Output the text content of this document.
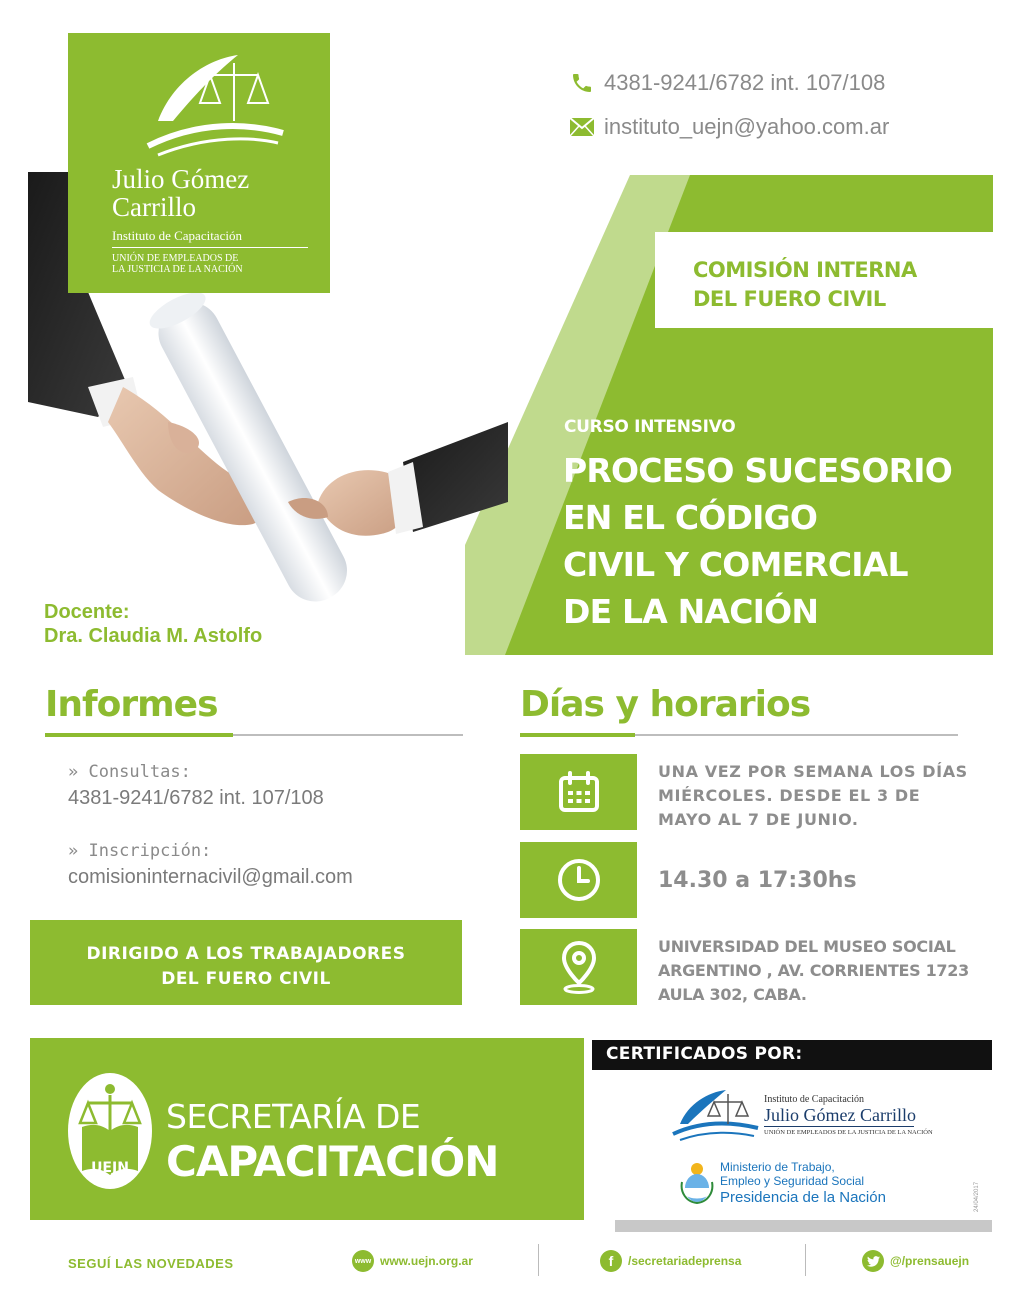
Julio Gómez
Carrillo
Instituto de Capacitación
UNIÓN DE EMPLEADOS DE
LA JUSTICIA DE LA NACIÓN
4381-9241/6782 int. 107/108
instituto_uejn@yahoo.com.ar
COMISIÓN INTERNA
DEL FUERO CIVIL
CURSO INTENSIVO
PROCESO SUCESORIO
EN EL CÓDIGO
CIVIL Y COMERCIAL
DE LA NACIÓN
Docente:
Dra. Claudia M. Astolfo
Informes
» Consultas:
4381-9241/6782 int. 107/108
» Inscripción:
comisioninternacivil@gmail.com
DIRIGIDO A LOS TRABAJADORES
DEL FUERO CIVIL
Días y horarios
UNA VEZ POR SEMANA LOS DÍAS
MIÉRCOLES. DESDE EL 3 DE
MAYO AL 7 DE JUNIO.
14.30 a 17:30hs
UNIVERSIDAD DEL MUSEO SOCIAL
ARGENTINO , AV. CORRIENTES 1723
AULA 302, CABA.
CERTIFICADOS POR:
UEJN
SECRETARÍA DE
CAPACITACIÓN
Instituto de Capacitación
Julio Gómez Carrillo
UNIÓN DE EMPLEADOS DE LA JUSTICIA DE LA NACIÓN
Ministerio de Trabajo,
Empleo y Seguridad Social
Presidencia de la Nación	24/04/2017
SEGUÍ LAS NOVEDADES	www www.uejn.org.ar	f /secretariadeprensa	@/prensauejn
